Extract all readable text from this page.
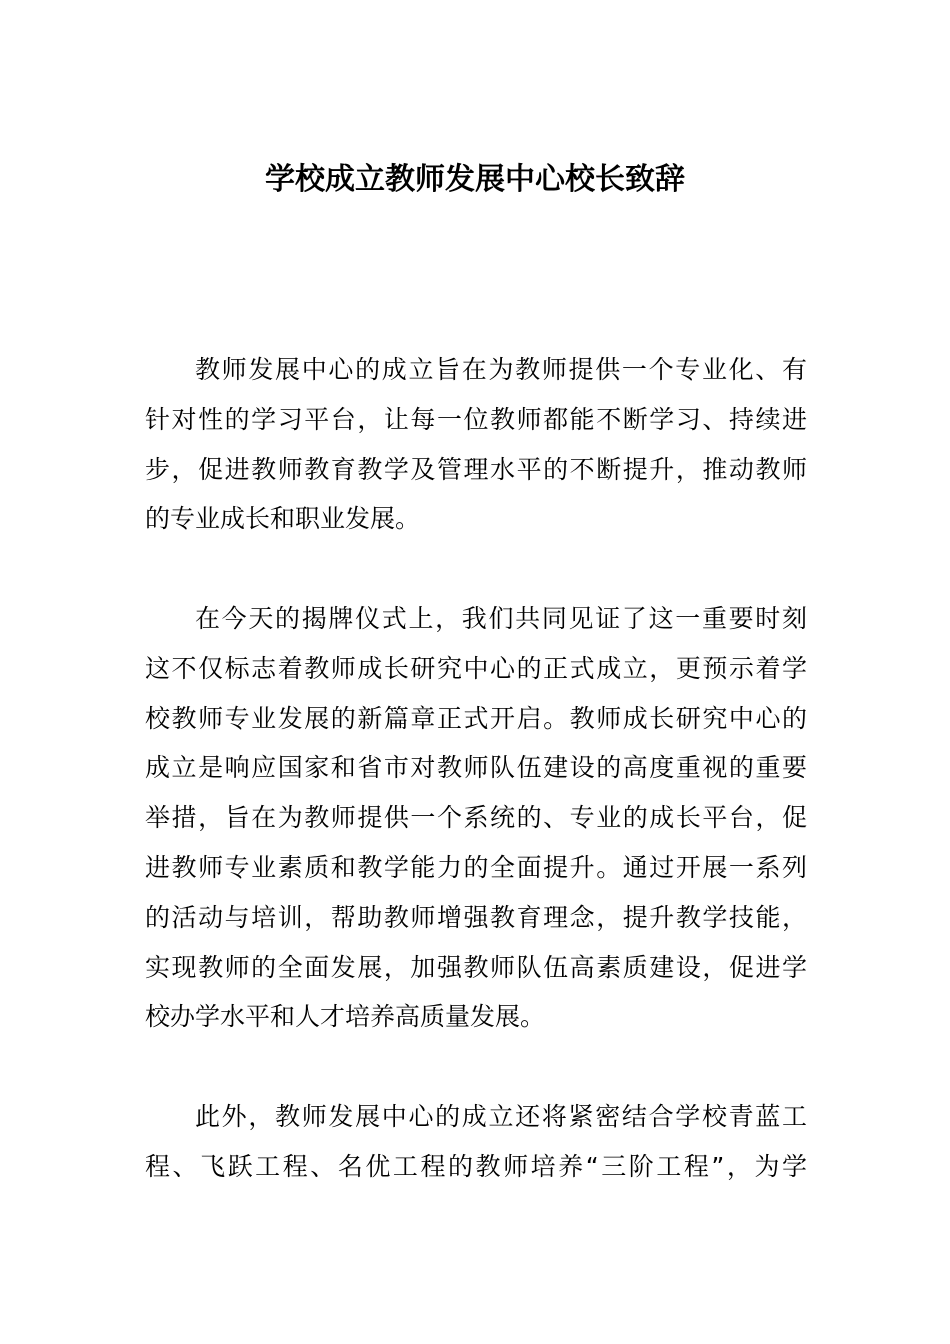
学校成立教师发展中心校长致辞
教师发展中心的成立旨在为教师提供一个专业化、有
针对性的学习平台，让每一位教师都能不断学习、持续进
步，促进教师教育教学及管理水平的不断提升，推动教师
的专业成长和职业发展。
在今天的揭牌仪式上，我们共同见证了这一重要时刻
这不仅标志着教师成长研究中心的正式成立，更预示着学
校教师专业发展的新篇章正式开启。教师成长研究中心的
成立是响应国家和省市对教师队伍建设的高度重视的重要
举措，旨在为教师提供一个系统的、专业的成长平台，促
进教师专业素质和教学能力的全面提升。通过开展一系列
的活动与培训，帮助教师增强教育理念，提升教学技能，
实现教师的全面发展，加强教师队伍高素质建设，促进学
校办学水平和人才培养高质量发展。
此外，教师发展中心的成立还将紧密结合学校青蓝工
程、飞跃工程、名优工程的教师培养“三阶工程”，为学
